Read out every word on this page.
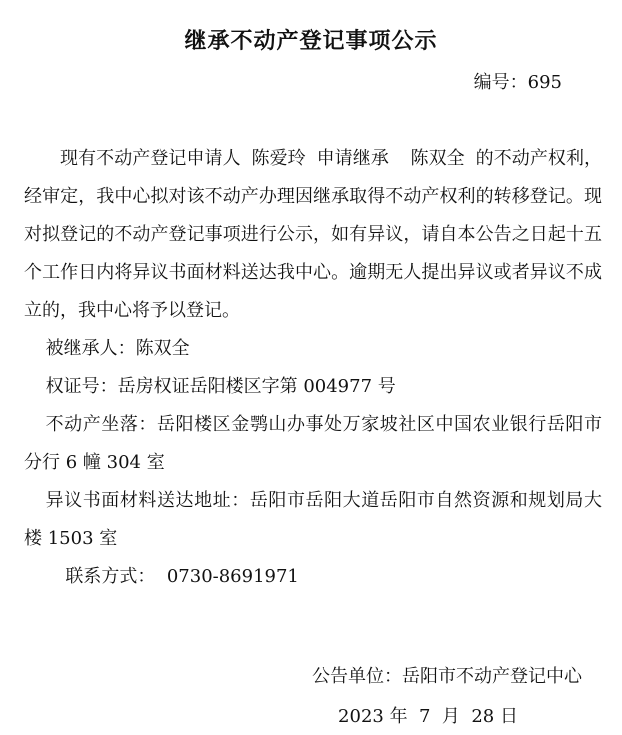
继承不动产登记事项公示
编号：695

现有不动产登记申请人 陈爱玲 申请继承 陈双全 的不动产权利，经审定，我中心拟对该不动产办理因继承取得不动产权利的转移登记。现对拟登记的不动产登记事项进行公示，如有异议，请自本公告之日起十五个工作日内将异议书面材料送达我中心。逾期无人提出异议或者异议不成立的，我中心将予以登记。

被继承人：陈双全

权证号：岳房权证岳阳楼区字第 004977 号

不动产坐落：岳阳楼区金鹗山办事处万家坡社区中国农业银行岳阳市分行 6 幢 304 室

异议书面材料送达地址：岳阳市岳阳大道岳阳市自然资源和规划局大楼 1503 室

联系方式：  0730-8691971

公告单位：岳阳市不动产登记中心
2023 年  7  月  28 日
